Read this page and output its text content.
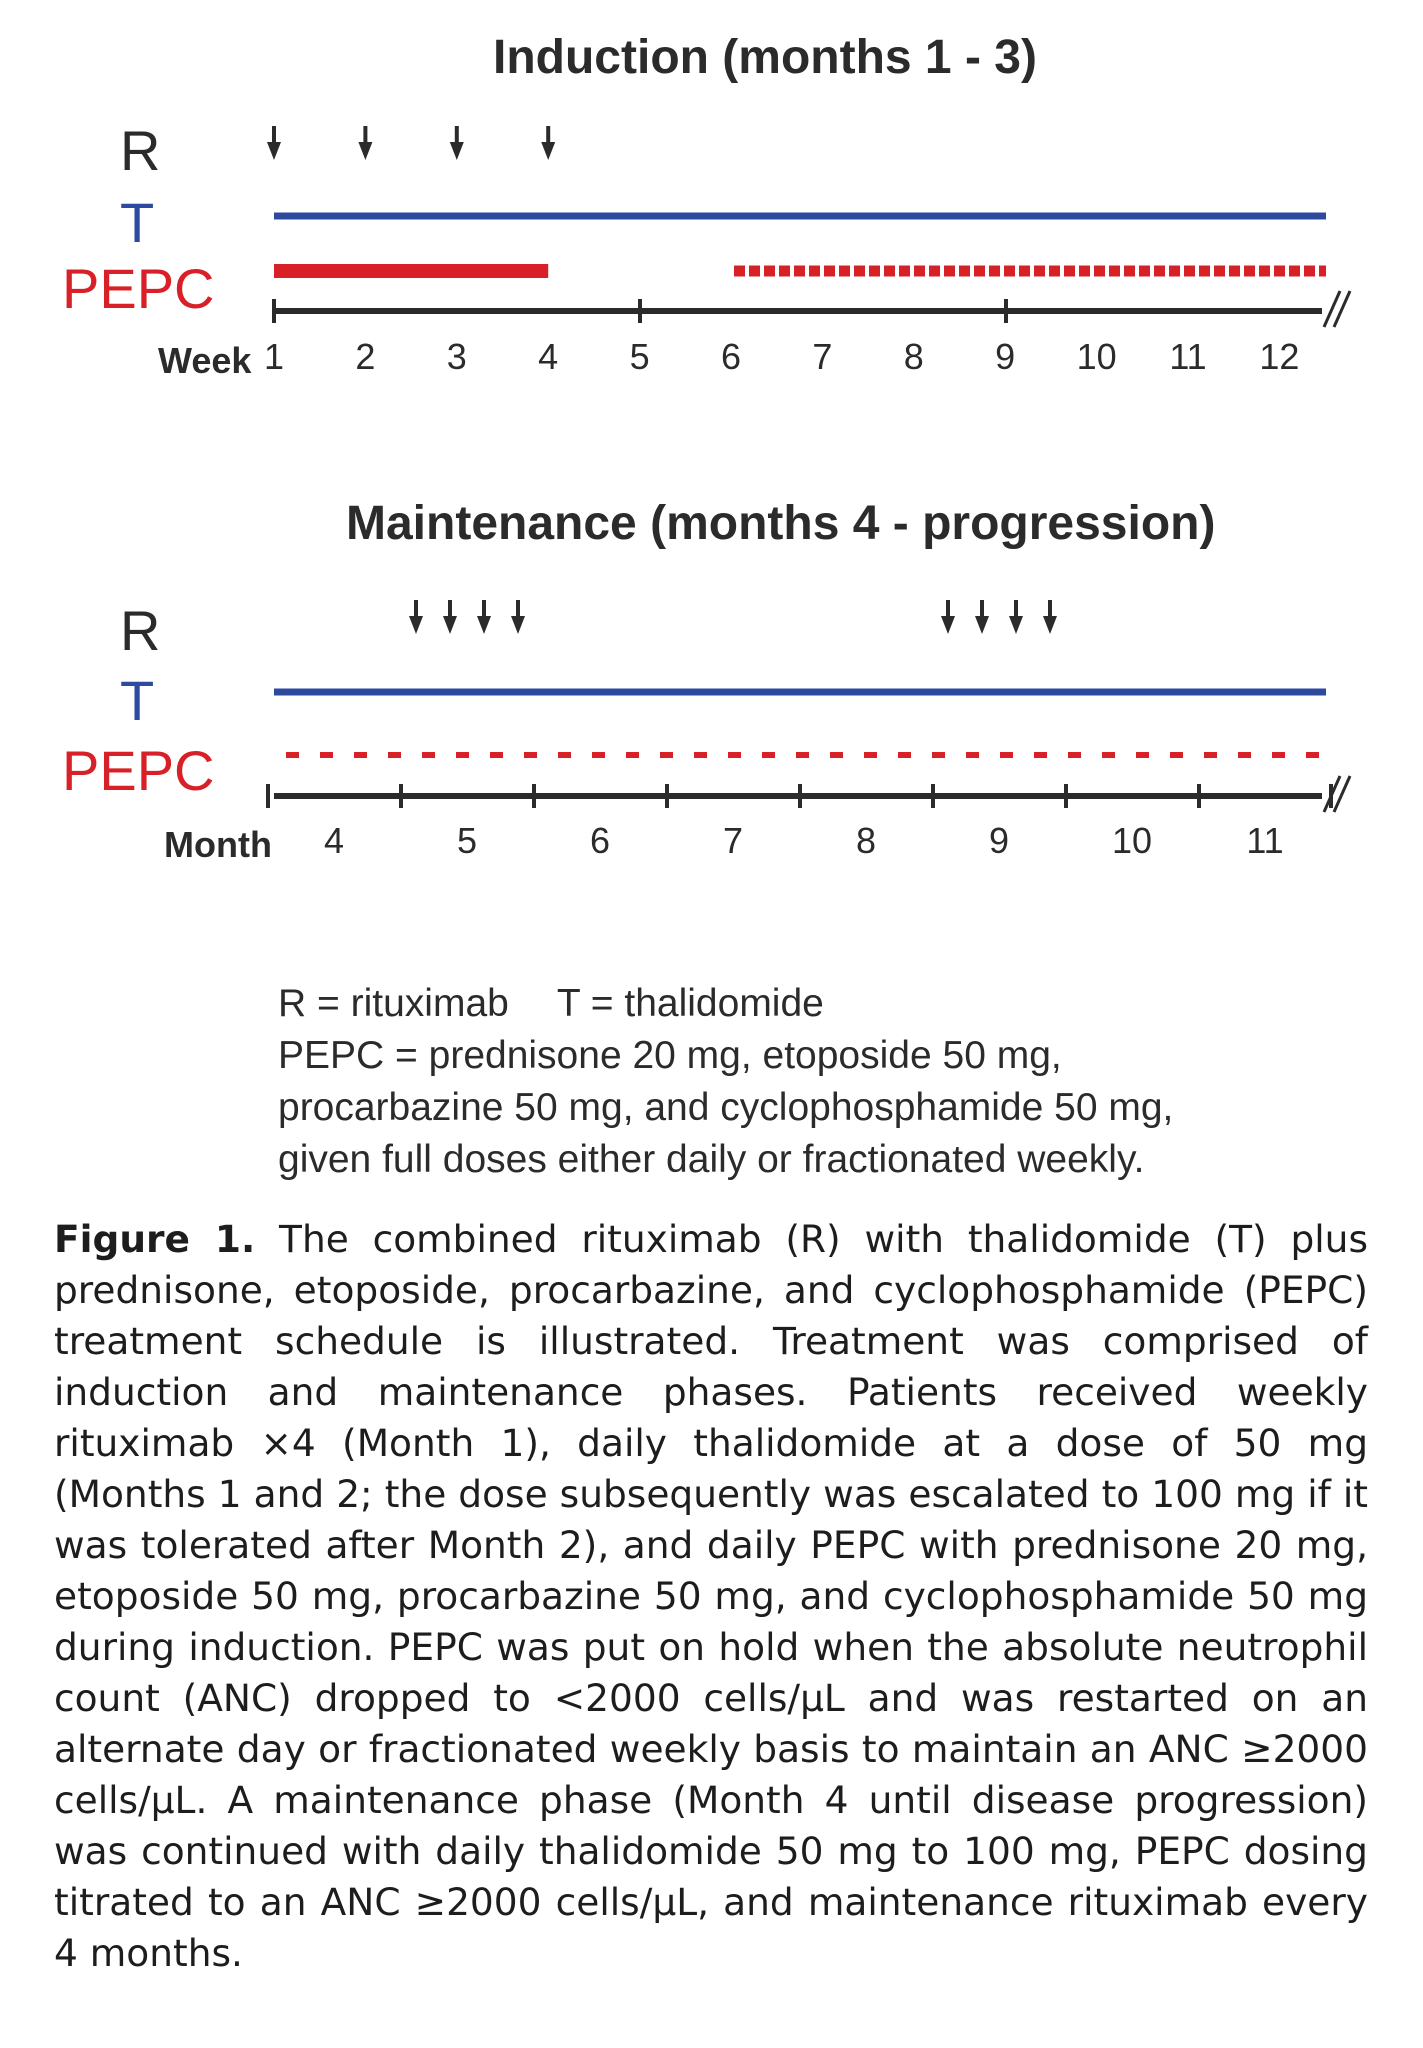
Induction (months 1 - 3)
R
T
PEPC
Week 1	2	3	4	5	6	7	8	9	10	11	12
Maintenance (months 4 - progression)
R
T
PEPC
Month	4	5	6	7	8	9	10	11

R = rituximab T = thalidomide

PEPC = prednisone 20 mg, etoposide 50 mg,

procarbazine 50 mg, and cyclophosphamide 50 mg,

given full doses either daily or fractionated weekly.

Figure 1. The combined rituximab (R) with thalidomide (T) plus prednisone, etoposide, procarbazine, and cyclophosphamide (PEPC) treatment schedule is illustrated. Treatment was comprised of induction and maintenance phases. Patients received weekly rituximab ×4 (Month 1), daily thalidomide at a dose of 50 mg (Months 1 and 2; the dose subsequently was escalated to 100 mg if it was tolerated after Month 2), and daily PEPC with prednisone 20 mg, etoposide 50 mg, procarbazine 50 mg, and cyclophosphamide 50 mg during induction. PEPC was put on hold when the absolute neutrophil count (ANC) dropped to <2000 cells/μL and was restarted on an alternate day or fractionated weekly basis to maintain an ANC ≥2000 cells/μL. A maintenance phase (Month 4 until disease progression) was continued with daily thalidomide 50 mg to 100 mg, PEPC dosing titrated to an ANC ≥2000 cells/μL, and maintenance rituximab every 4 months.
